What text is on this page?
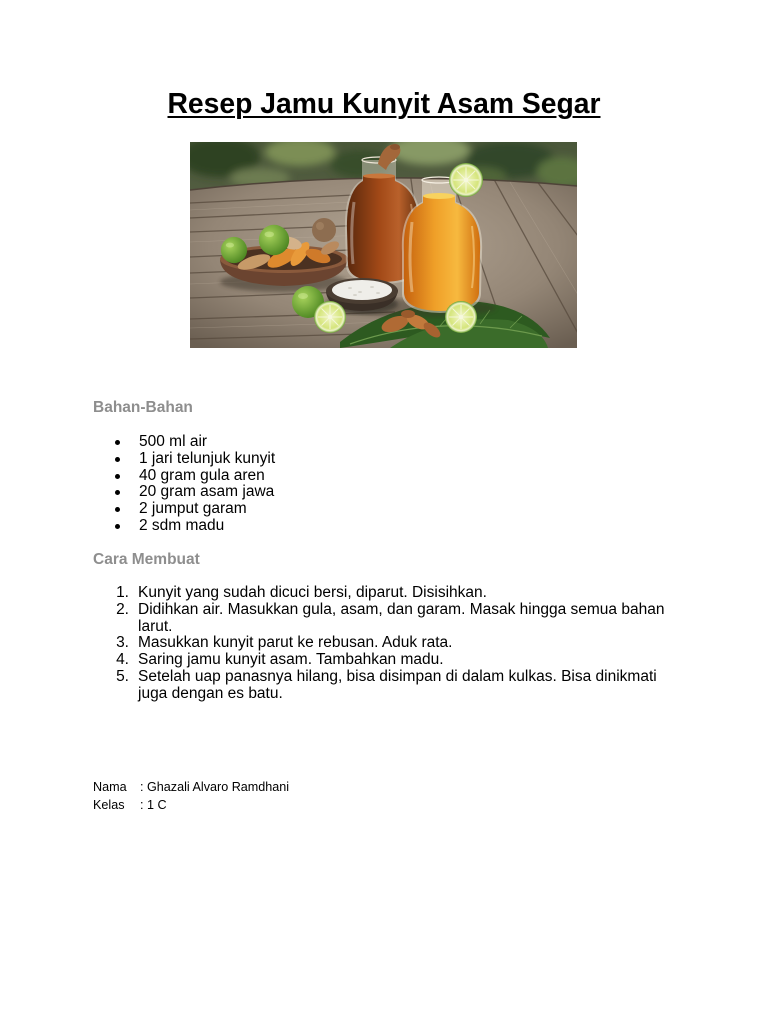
Resep Jamu Kunyit Asam Segar
Bahan-Bahan
500 ml air
1 jari telunjuk kunyit
40 gram gula aren
20 gram asam jawa
2 jumput garam
2 sdm madu
Cara Membuat
1. Kunyit yang sudah dicuci bersi, diparut. Disisihkan.
2. Didihkan air. Masukkan gula, asam, dan garam. Masak hingga semua bahan larut.
3. Masukkan kunyit parut ke rebusan. Aduk rata.
4. Saring jamu kunyit asam. Tambahkan madu.
5. Setelah uap panasnya hilang, bisa disimpan di dalam kulkas. Bisa dinikmati juga dengan es batu.
Nama : Ghazali Alvaro Ramdhani
Kelas : 1 C
